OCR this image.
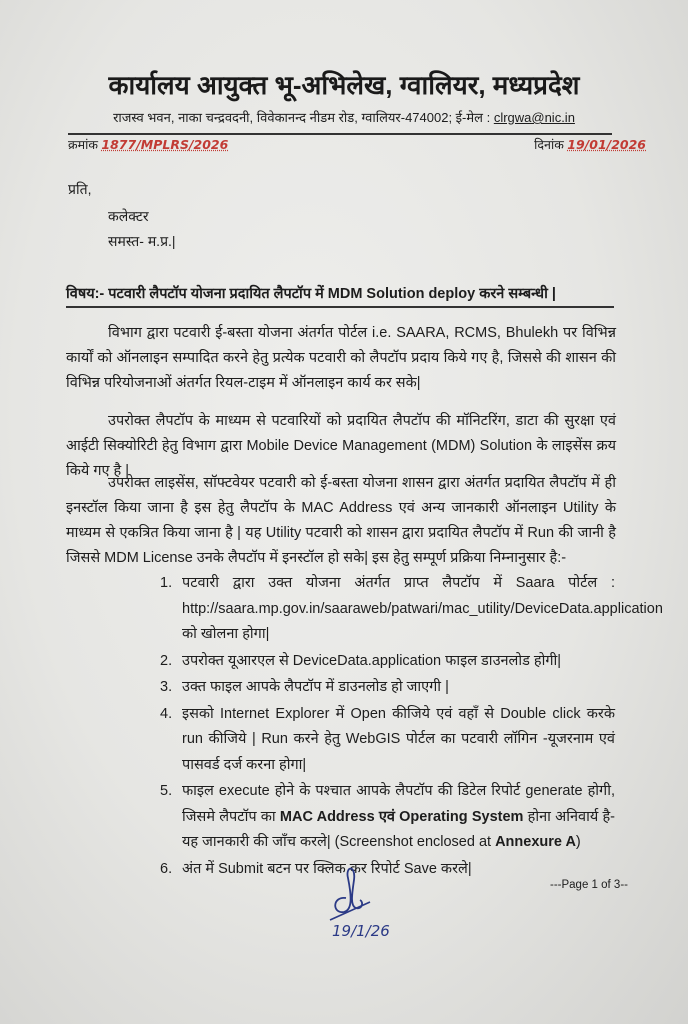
कार्यालय आयुक्त भू-अभिलेख, ग्वालियर, मध्यप्रदेश
राजस्व भवन, नाका चन्द्रवदनी, विवेकानन्द नीडम रोड, ग्वालियर-474002; ई-मेल : clrgwa@nic.in
क्रमांक 1877/MPLRS/2026	दिनांक 19/01/2026
प्रति,
कलेक्टर
समस्त- म.प्र.|
विषय:- पटवारी लैपटॉप योजना प्रदायित लैपटॉप में MDM Solution deploy करने सम्बन्धी |
विभाग द्वारा पटवारी ई-बस्ता योजना अंतर्गत पोर्टल i.e. SAARA, RCMS, Bhulekh पर विभिन्न कार्यों को ऑनलाइन सम्पादित करने हेतु प्रत्येक पटवारी को लैपटॉप प्रदाय किये गए है, जिससे की शासन की विभिन्न परियोजनाओं अंतर्गत रियल-टाइम में ऑनलाइन कार्य कर सके|
उपरोक्त लैपटॉप के माध्यम से पटवारियों को प्रदायित लैपटॉप की मॉनिटरिंग, डाटा की सुरक्षा एवं आईटी सिक्योरिटी हेतु विभाग द्वारा Mobile Device Management (MDM) Solution के लाइसेंस क्रय किये गए है |
उपरोक्त लाइसेंस, सॉफ्टवेयर पटवारी को ई-बस्ता योजना शासन द्वारा अंतर्गत प्रदायित लैपटॉप में ही इनस्टॉल किया जाना है इस हेतु लैपटॉप के MAC Address एवं अन्य जानकारी ऑनलाइन Utility के माध्यम से एकत्रित किया जाना है | यह Utility पटवारी को शासन द्वारा प्रदायित लैपटॉप में Run की जानी है जिससे MDM License उनके लैपटॉप में इनस्टॉल हो सके| इस हेतु सम्पूर्ण प्रक्रिया निम्नानुसार है:-
1. पटवारी द्वारा उक्त योजना अंतर्गत प्राप्त लैपटॉप में Saara पोर्टल : http://saara.mp.gov.in/saaraweb/patwari/mac_utility/DeviceData.application को खोलना होगा|
2. उपरोक्त यूआरएल से DeviceData.application फाइल डाउनलोड होगी|
3. उक्त फाइल आपके लैपटॉप में डाउनलोड हो जाएगी |
4. इसको Internet Explorer में Open कीजिये एवं वहाँ से Double click करके run कीजिये | Run करने हेतु WebGIS पोर्टल का पटवारी लॉगिन -यूजरनाम एवं पासवर्ड दर्ज करना होगा|
5. फाइल execute होने के पश्चात आपके लैपटॉप की डिटेल रिपोर्ट generate होगी, जिसमे लैपटॉप का MAC Address एवं Operating System होना अनिवार्य है- यह जानकारी की जाँच करले| (Screenshot enclosed at Annexure A)
6. अंत में Submit बटन पर क्लिक कर रिपोर्ट Save करले|
19/1/26
---Page 1 of 3--
